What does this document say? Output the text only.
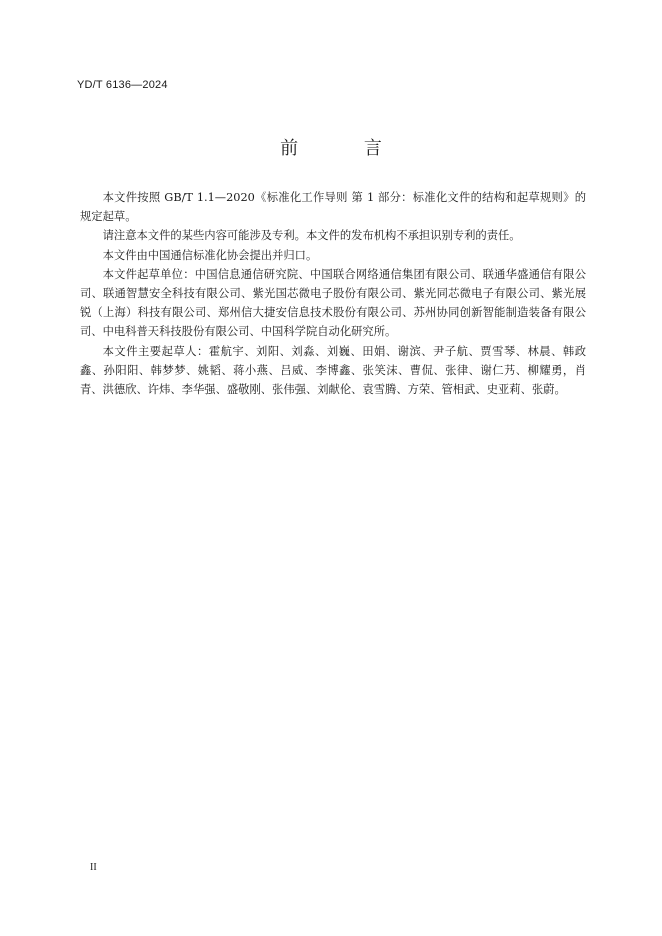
YD/T 6136—2024
前 言

本文件按照 GB/T 1.1—2020《标准化工作导则 第 1 部分：标准化文件的结构和起草规则》的规定起草。

请注意本文件的某些内容可能涉及专利。本文件的发布机构不承担识别专利的责任。

本文件由中国通信标准化协会提出并归口。

本文件起草单位：中国信息通信研究院、中国联合网络通信集团有限公司、联通华盛通信有限公司、联通智慧安全科技有限公司、紫光国芯微电子股份有限公司、紫光同芯微电子有限公司、紫光展锐（上海）科技有限公司、郑州信大捷安信息技术股份有限公司、苏州协同创新智能制造装备有限公司、中电科普天科技股份有限公司、中国科学院自动化研究所。

本文件主要起草人：霍航宇、刘阳、刘淼、刘巍、田娟、谢滨、尹子航、贾雪琴、林晨、韩政鑫、孙阳阳、韩梦梦、姚韬、蒋小燕、吕威、李博鑫、张笑沫、曹侃、张律、谢仁艿、柳耀勇，肖青、洪德欣、许炜、李华强、盛敬刚、张伟强、刘献伦、袁雪腾、方荣、管相武、史亚莉、张蔚。

II
